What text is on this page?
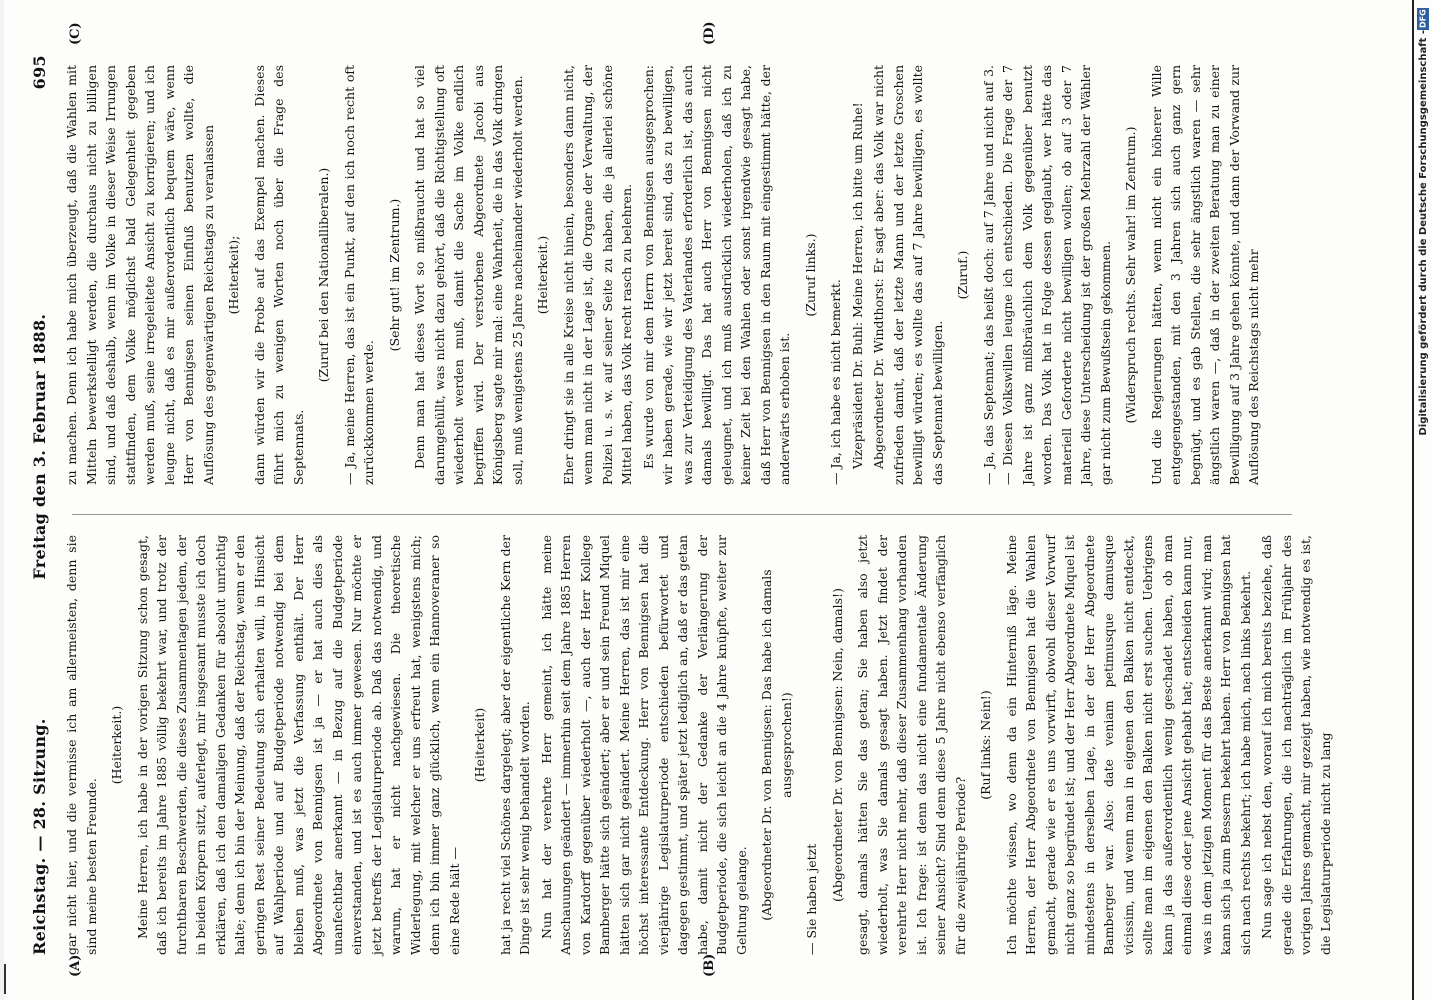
Reichstag. — 28. Sitzung.
Freitag den 3. Februar 1888.
695
(A)	(B)
(C)	(D)

gar nicht hier, und die vermisse ich am allermeisten, denn sie sind meine besten Freunde.

(Heiterkeit.) Meine Herren, ich habe in der vorigen Sitzung schon gesagt, daß ich bereits im Jahre 1885 völlig bekehrt war, und trotz der furchtbaren Beschwerden, die dieses Zusammentagen jedem, der in beiden Körpern sitzt, auferlegt, mir insgesamt musste ich doch erklären, daß ich den damaligen Gedanken für absolut unrichtig halte; denn ich bin der Meinung, daß der Reichstag, wenn er den geringen Rest seiner Bedeutung sich erhalten will, in Hinsicht auf Wahlperiode und auf Budgetperiode notwendig bei dem bleiben muß, was jetzt die Verfassung enthält. Der Herr Abgeordnete von Bennigsen ist ja — er hat auch dies als unanfechtbar anerkannt — in Bezug auf die Budgetperiode einverstanden, und ist es auch immer gewesen. Nur möchte er jetzt betreffs der Legislaturperiode ab. Daß das notwendig, und warum, hat er nicht nachgewiesen. Die theoretische Widerlegung, mit welcher er uns erfreut hat, wenigstens mich; denn ich bin immer ganz glücklich, wenn ein Hannoveraner so eine Rede hält —

(Heiterkeit) hat ja recht viel Schönes dargelegt; aber der eigentliche Kern der Dinge ist sehr wenig behandelt worden. Nun hat der verehrte Herr gemeint, ich hätte meine Anschauungen geändert — immerhin seit dem Jahre 1885 Herren von Kardorff gegenüber wiederholt —, auch der Herr Kollege Bamberger hätte sich geändert; aber er und sein Freund Miquel hätten sich gar nicht geändert. Meine Herren, das ist mir eine höchst interessante Entdeckung. Herr von Bennigsen hat die vierjährige Legislaturperiode entschieden befürwortet und dagegen gestimmt, und später jetzt lediglich an, daß er das getan habe, damit nicht der Gedanke der Verlängerung der Budgetperiode, die sich leicht an die 4 Jahre knüpfte, weiter zur Geltung gelange. (Abgeordneter Dr. von Bennigsen: Das habe ich damals ausgesprochen!)

— Sie haben jetzt (Abgeordneter Dr. von Bennigsen: Nein, damals!) gesagt, damals hätten Sie das getan; Sie haben also jetzt wiederholt, was Sie damals gesagt haben. Jetzt findet der verehrte Herr nicht mehr, daß dieser Zusammenhang vorhanden ist. Ich frage: ist denn das nicht eine fundamentale Änderung seiner Ansicht? Sind denn diese 5 Jahre nicht ebenso verfänglich für die zweijährige Periode?

(Ruf links: Nein!) Ich möchte wissen, wo denn da ein Hinterniß läge. Meine Herren, der Herr Abgeordnete von Bennigsen hat die Wahlen gemacht, gerade wie er es uns vorwirft, obwohl dieser Vorwurf nicht ganz so begründet ist; und der Herr Abgeordnete Miquel ist mindestens in derselben Lage, in der der Herr Abgeordnete Bamberger war. Also: date veniam petimusque damusque vicissim, und wenn man in eigenen den Balken nicht entdeckt, sollte man im eigenen den Balken nicht erst suchen. Uebrigens kann ja das außerordentlich wenig geschadet haben, ob man einmal diese oder jene Ansicht gehabt hat; entscheiden kann nur, was in dem jetzigen Moment für das Beste anerkannt wird; man kann sich ja zum Bessern bekehrt haben. Herr von Bennigsen hat sich nach rechts bekehrt; ich habe mich, nach links bekehrt. Nun sage ich nebst den, worauf ich mich bereits beziehe, daß gerade die Erfahrungen, die ich nachträglich im Frühjahr des vorigen Jahres gemacht, mir gezeigt haben, wie notwendig es ist, die Legislaturperiode nicht zu lang

zu machen. Denn ich habe mich überzeugt, daß die Wahlen mit Mitteln bewerkstelligt werden, die durchaus nicht zu billigen sind, und daß deshalb, wenn im Volke in dieser Weise Irrungen stattfinden, dem Volke möglichst bald Gelegenheit gegeben werden muß, seine irregeleitete Ansicht zu korrigieren; und ich leugne nicht, daß es mir außerordentlich bequem wäre, wenn Herr von Bennigsen seinen Einfluß benutzen wollte, die Auflösung des gegenwärtigen Reichstags zu veranlassen (Heiterkeit); dann würden wir die Probe auf das Exempel machen. Dieses führt mich zu wenigen Worten noch über die Frage des Septennats.

(Zuruf bei den Nationalliberalen.) — Ja, meine Herren, das ist ein Punkt, auf den ich noch recht oft zurückkommen werde.

(Sehr gut! im Zentrum.) Denn man hat dieses Wort so mißbraucht und hat so viel darumgehüllt, was nicht dazu gehört, daß die Richtigstellung oft wiederholt werden muß, damit die Sache im Volke endlich begriffen wird. Der verstorbene Abgeordnete Jacobi aus Königsberg sagte mir mal: eine Wahrheit, die in das Volk dringen soll, muß wenigstens 25 Jahre nacheinander wiederholt werden. (Heiterkeit.) Eher dringt sie in alle Kreise nicht hinein, besonders dann nicht, wenn man nicht in der Lage ist, die Organe der Verwaltung, der Polizei u. s. w. auf seiner Seite zu haben, die ja allerlei schöne Mittel haben, das Volk recht rasch zu belehren. Es wurde von mir dem Herrn von Bennigsen ausgesprochen: wir haben gerade, wie wir jetzt bereit sind, das zu bewilligen, was zur Verteidigung des Vaterlandes erforderlich ist, das auch damals bewilligt. Das hat auch Herr von Bennigsen nicht geleugnet, und ich muß ausdrücklich wiederholen, daß ich zu keiner Zeit bei den Wahlen oder sonst irgendwie gesagt habe, daß Herr von Bennigsen in den Raum mit eingestimmt hätte, der anderwärts erhoben ist.

(Zuruf links.)

— Ja, ich habe es nicht bemerkt. Vizepräsident Dr. Buhl: Meine Herren, ich bitte um Ruhe! Abgeordneter Dr. Windthorst: Er sagt aber: das Volk war nicht zufrieden damit, daß der letzte Mann und der letzte Groschen bewilligt würden; es wollte das auf 7 Jahre bewilligen, es wollte das Septennat bewilligen.

(Zuruf.) — Ja, das Septennat; das heißt doch: auf 7 Jahre und nicht auf 3. — Diesen Volkswillen leugne ich entschieden. Die Frage der 7 Jahre ist ganz mißbräuchlich dem Volk gegenüber benutzt worden. Das Volk hat in Folge dessen geglaubt, wer hätte das materiell Geforderte nicht bewilligen wollen; ob auf 3 oder 7 Jahre, diese Unterscheidung ist der großen Mehrzahl der Wähler gar nicht zum Bewußtsein gekommen. (Widerspruch rechts. Sehr wahr! im Zentrum.) Und die Regierungen hätten, wenn nicht ein höherer Wille entgegengestanden, mit den 3 Jahren sich auch ganz gern begnügt, und es gab Stellen, die sehr ängstlich waren — sehr ängstlich waren —, daß in der zweiten Beratung man zu einer Bewilligung auf 3 Jahre gehen könnte, und dann der Vorwand zur Auflösung des Reichstags nicht mehr

DFG
Digitalisierung gefördert durch die Deutsche Forschungsgemeinschaft -
